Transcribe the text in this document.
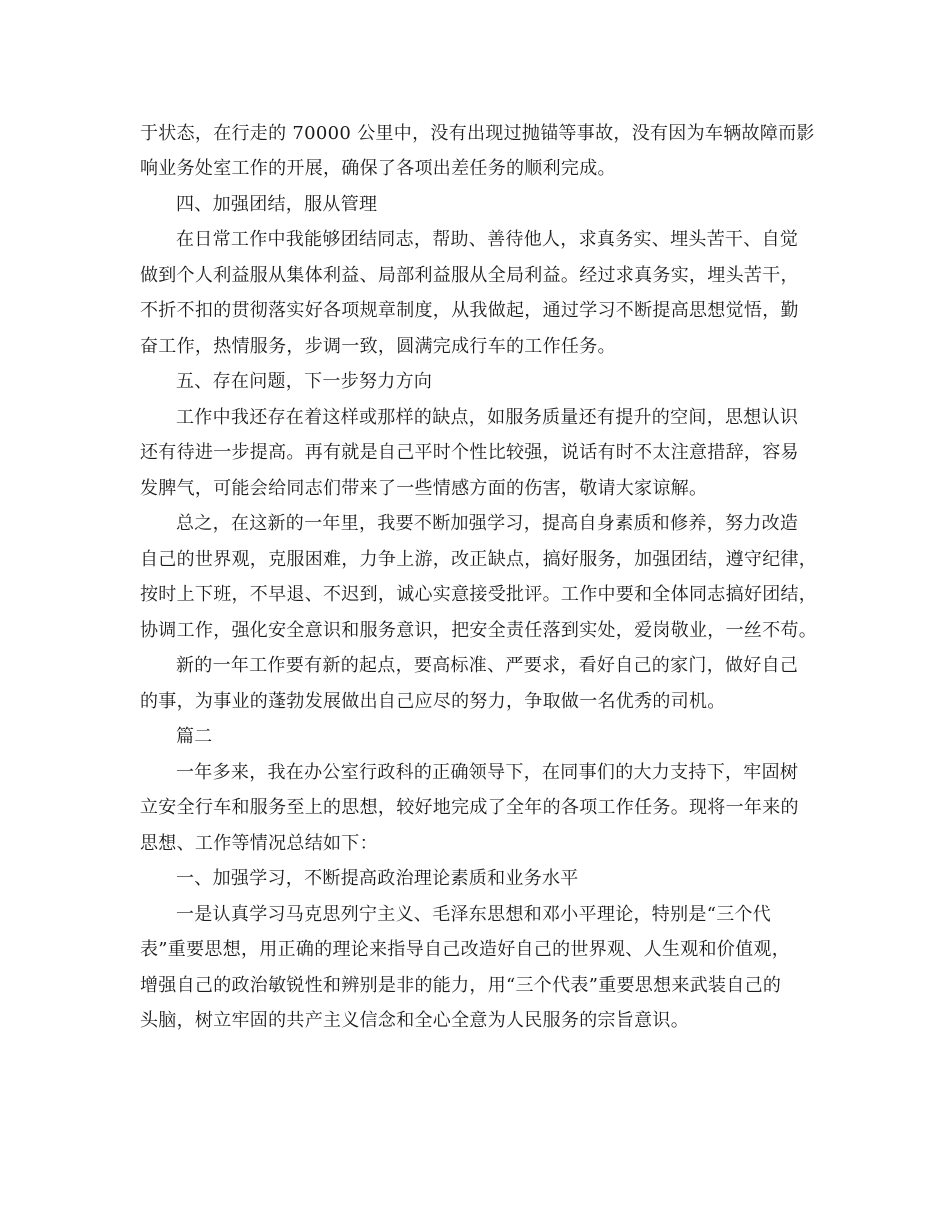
于状态，在行走的 70000 公里中，没有出现过抛锚等事故，没有因为车辆故障而影
响业务处室工作的开展，确保了各项出差任务的顺利完成。
四、加强团结，服从管理
在日常工作中我能够团结同志，帮助、善待他人，求真务实、埋头苦干、自觉
做到个人利益服从集体利益、局部利益服从全局利益。经过求真务实，埋头苦干，
不折不扣的贯彻落实好各项规章制度，从我做起，通过学习不断提高思想觉悟，勤
奋工作，热情服务，步调一致，圆满完成行车的工作任务。
五、存在问题，下一步努力方向
工作中我还存在着这样或那样的缺点，如服务质量还有提升的空间，思想认识
还有待进一步提高。再有就是自己平时个性比较强，说话有时不太注意措辞，容易
发脾气，可能会给同志们带来了一些情感方面的伤害，敬请大家谅解。
总之，在这新的一年里，我要不断加强学习，提高自身素质和修养，努力改造
自己的世界观，克服困难，力争上游，改正缺点，搞好服务，加强团结，遵守纪律，
按时上下班，不早退、不迟到，诚心实意接受批评。工作中要和全体同志搞好团结，
协调工作，强化安全意识和服务意识，把安全责任落到实处，爱岗敬业，一丝不苟。
新的一年工作要有新的起点，要高标准、严要求，看好自己的家门，做好自己
的事，为事业的蓬勃发展做出自己应尽的努力，争取做一名优秀的司机。
篇二
一年多来，我在办公室行政科的正确领导下，在同事们的大力支持下，牢固树
立安全行车和服务至上的思想，较好地完成了全年的各项工作任务。现将一年来的
思想、工作等情况总结如下：
一、加强学习，不断提高政治理论素质和业务水平
一是认真学习马克思列宁主义、毛泽东思想和邓小平理论，特别是“三个代
表”重要思想，用正确的理论来指导自己改造好自己的世界观、人生观和价值观，
增强自己的政治敏锐性和辨别是非的能力，用“三个代表”重要思想来武装自己的
头脑，树立牢固的共产主义信念和全心全意为人民服务的宗旨意识。
